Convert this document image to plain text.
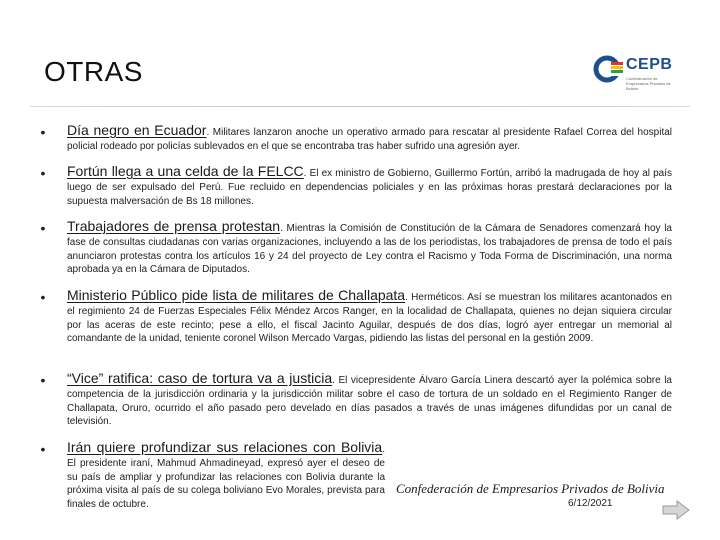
OTRAS	CEPB
Confederación de Empresarios Privados de Bolivia
•	Día negro en Ecuador. Militares lanzaron anoche un operativo armado para rescatar al presidente Rafael Correa del hospital policial rodeado por policías sublevados en el que se encontraba tras haber sufrido una agresión ayer.

•	Fortún llega a una celda de la FELCC. El ex ministro de Gobierno, Guillermo Fortún, arribó la madrugada de hoy al país luego de ser expulsado del Perú. Fue recluido en dependencias policiales y en las próximas horas prestará declaraciones por la supuesta malversación de Bs 18 millones.

•	Trabajadores de prensa protestan. Mientras la Comisión de Constitución de la Cámara de Senadores comenzará hoy la fase de consultas ciudadanas con varias organizaciones, incluyendo a las de los periodistas, los trabajadores de prensa de todo el país anunciaron protestas contra los artículos 16 y 24 del proyecto de Ley contra el Racismo y Toda Forma de Discriminación, una norma aprobada ya en la Cámara de Diputados.

•	Ministerio Público pide lista de militares de Challapata. Herméticos. Así se muestran los militares acantonados en el regimiento 24 de Fuerzas Especiales Félix Méndez Arcos Ranger, en la localidad de Challapata, quienes no dejan siquiera circular por las aceras de este recinto; pese a ello, el fiscal Jacinto Aguilar, después de dos días, logró ayer entregar un memorial al comandante de la unidad, teniente coronel Wilson Mercado Vargas, pidiendo las listas del personal en la gestión 2009.

•	“Vice” ratifica: caso de tortura va a justicia. El vicepresidente Álvaro García Linera descartó ayer la polémica sobre la competencia de la jurisdicción ordinaria y la jurisdicción militar sobre el caso de tortura de un soldado en el Regimiento Ranger de Challapata, Oruro, ocurrido el año pasado pero develado en días pasados a través de unas imágenes difundidas por un canal de televisión.

•	Irán quiere profundizar sus relaciones con Bolivia. El presidente iraní, Mahmud Ahmadineyad, expresó ayer el deseo de su país de ampliar y profundizar las relaciones con Bolivia durante la próxima visita al país de su colega boliviano Evo Morales, prevista para finales de octubre.

Confederación de Empresarios Privados de Bolivia

6/12/2021
